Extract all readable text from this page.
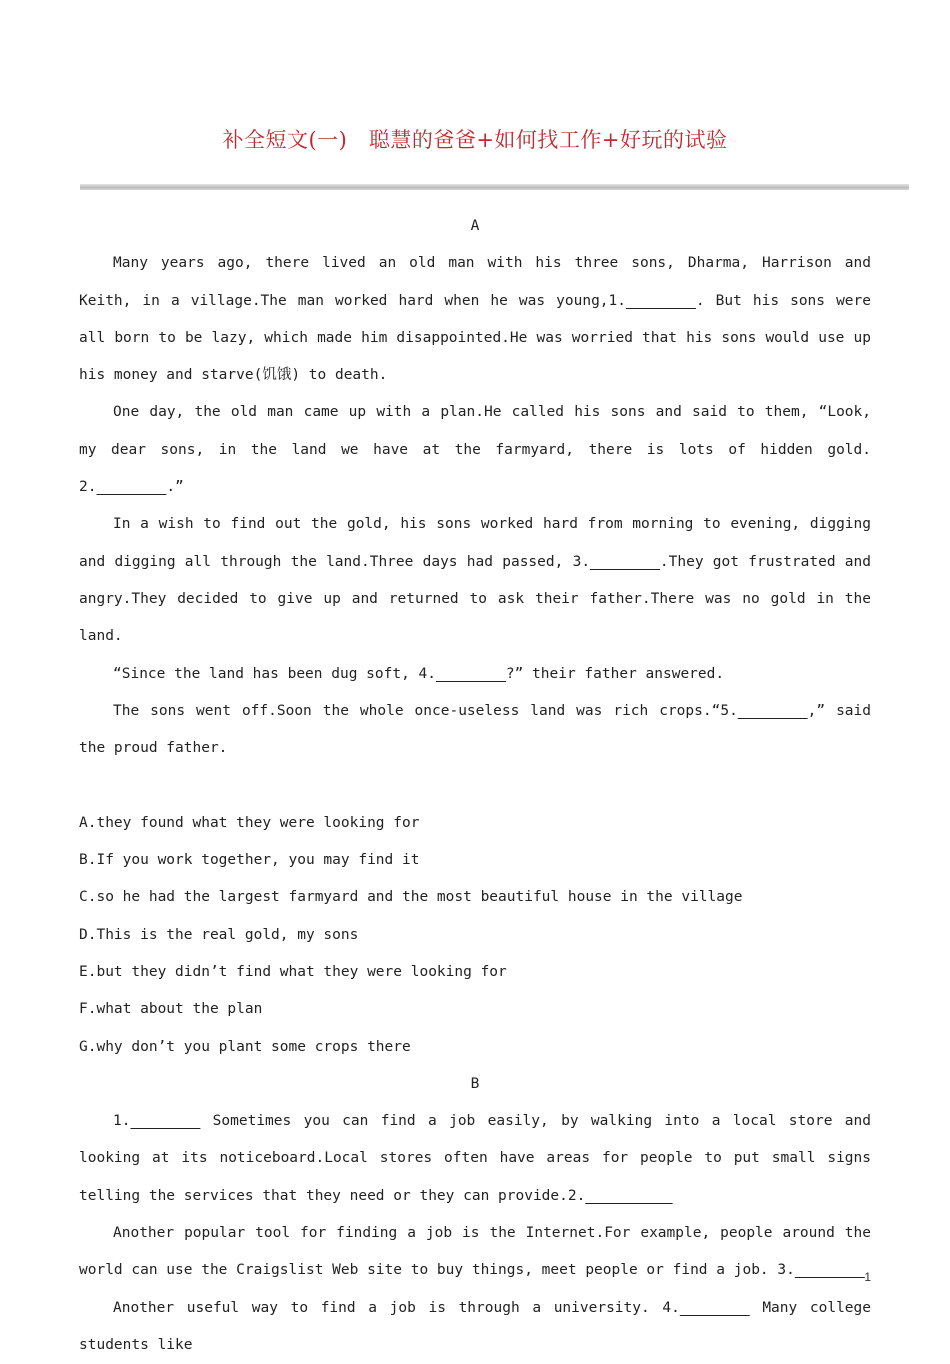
补全短文(一)　聪慧的爸爸+如何找工作+好玩的试验

A

Many years ago, there lived an old man with his three sons, Dharma, Harrison and Keith, in a village.The man worked hard when he was young,1.________. But his sons were all born to be lazy, which made him disappointed.He was worried that his sons would use up his money and starve(饥饿) to death.

One day, the old man came up with a plan.He called his sons and said to them, “Look, my dear sons, in the land we have at the farmyard, there is lots of hidden gold. 2.________.”

In a wish to find out the gold, his sons worked hard from morning to evening, digging and digging all through the land.Three days had passed, 3.________.They got frustrated and angry.They decided to give up and returned to ask their father.There was no gold in the land.

“Since the land has been dug soft, 4.________?” their father answered.

The sons went off.Soon the whole once-useless land was rich crops.“5.________,” said the proud father.

A.they found what they were looking for

B.If you work together, you may find it

C.so he had the largest farmyard and the most beautiful house in the village

D.This is the real gold, my sons

E.but they didn’t find what they were looking for

F.what about the plan

G.why don’t you plant some crops there

B

1.________ Sometimes you can find a job easily, by walking into a local store and looking at its noticeboard.Local stores often have areas for people to put small signs telling the services that they need or they can provide.2.__________

Another popular tool for finding a job is the Internet.For example, people around the world can use the Craigslist Web site to buy things, meet people or find a job. 3.________

Another useful way to find a job is through a university. 4.________ Many college students like

1
